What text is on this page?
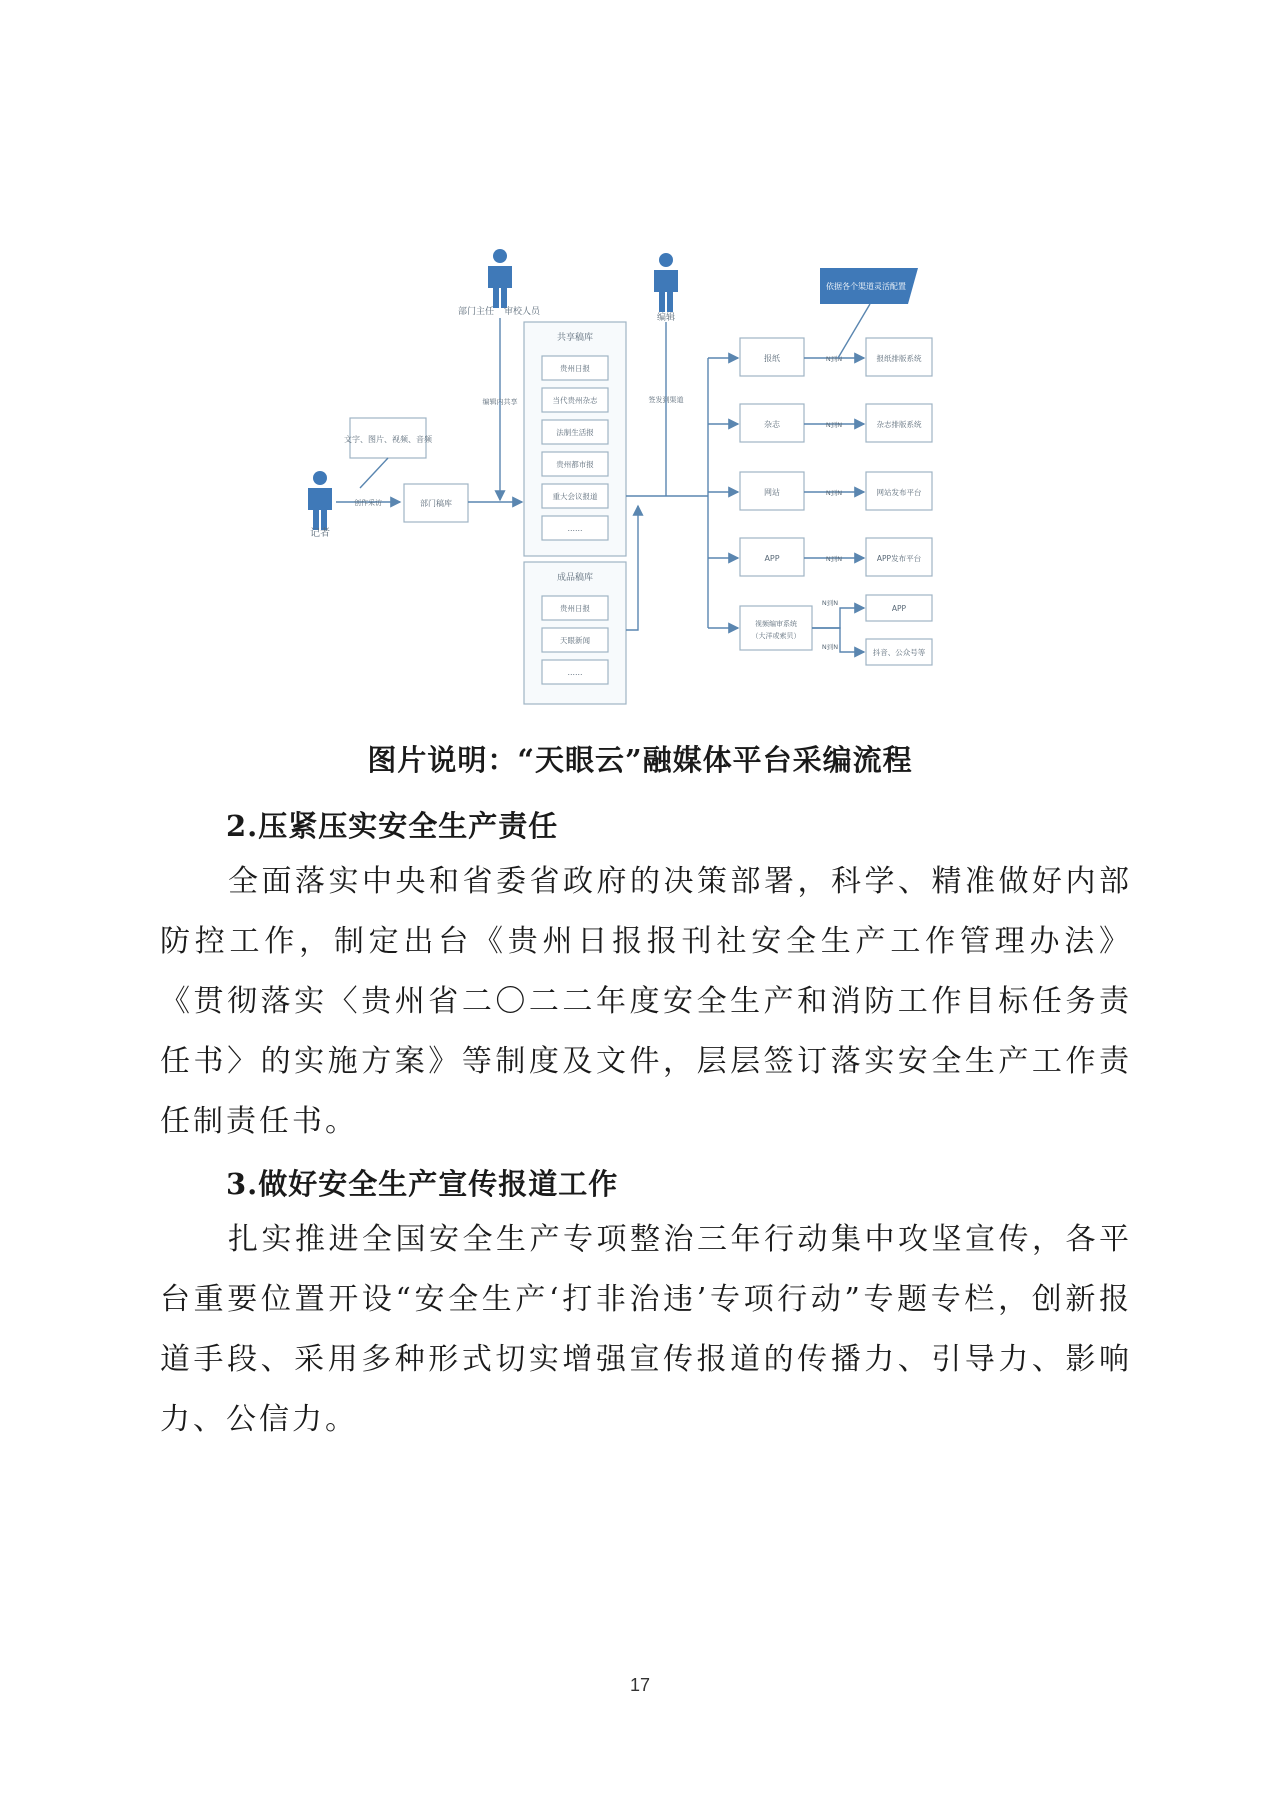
记者
部门主任 审校人员
编辑
文字、图片、视频、音频
创作采访	部门稿库
编辑内共享
共享稿库
贵州日报
当代贵州杂志
法制生活报
贵州都市报
重大会议报道
……
成品稿库
贵州日报
天眼新闻
……
签发到渠道
报纸	N到N	报纸排版系统
杂志	N到N	杂志排版系统
网站	N到N	网站发布平台
APP	N到N	APP发布平台
视频编审系统
（大洋或索贝）
N到N
APP
N到N
抖音、公众号等
依据各个渠道灵活配置
图片说明：“天眼云”融媒体平台采编流程
2.压紧压实安全生产责任
全面落实中央和省委省政府的决策部署，科学、精准做好内部防控工作，制定出台《贵州日报报刊社安全生产工作管理办法》《贯彻落实〈贵州省二〇二二年度安全生产和消防工作目标任务责任书〉的实施方案》等制度及文件，层层签订落实安全生产工作责任制责任书。
3.做好安全生产宣传报道工作
扎实推进全国安全生产专项整治三年行动集中攻坚宣传，各平台重要位置开设“安全生产‘打非治违’专项行动”专题专栏，创新报道手段、采用多种形式切实增强宣传报道的传播力、引导力、影响力、公信力。
17
